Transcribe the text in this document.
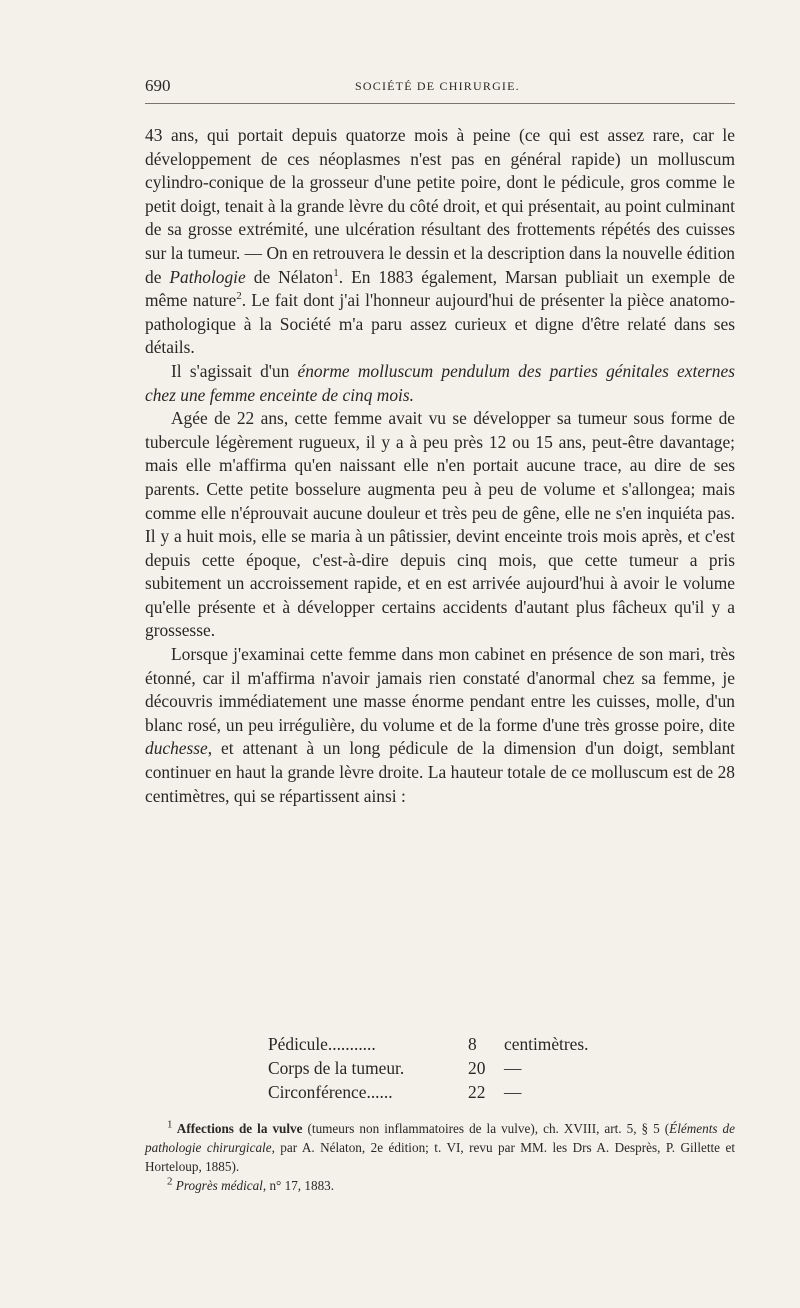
690	SOCIÉTÉ DE CHIRURGIE.

43 ans, qui portait depuis quatorze mois à peine (ce qui est assez rare, car le développement de ces néoplasmes n'est pas en général rapide) un molluscum cylindro-conique de la grosseur d'une petite poire, dont le pédicule, gros comme le petit doigt, tenait à la grande lèvre du côté droit, et qui présentait, au point culminant de sa grosse extrémité, une ulcération résultant des frottements répétés des cuisses sur la tumeur. — On en retrouvera le dessin et la description dans la nouvelle édition de Pathologie de Nélaton$^1$. En 1883 également, Marsan publiait un exemple de même nature$^2$. Le fait dont j'ai l'honneur aujourd'hui de présenter la pièce anatomo-pathologique à la Société m'a paru assez curieux et digne d'être relaté dans ses détails.

Il s'agissait d'un énorme molluscum pendulum des parties génitales externes chez une femme enceinte de cinq mois.

Agée de 22 ans, cette femme avait vu se développer sa tumeur sous forme de tubercule légèrement rugueux, il y a à peu près 12 ou 15 ans, peut-être davantage; mais elle m'affirma qu'en naissant elle n'en portait aucune trace, au dire de ses parents. Cette petite bosselure augmenta peu à peu de volume et s'allongea; mais comme elle n'éprouvait aucune douleur et très peu de gêne, elle ne s'en inquiéta pas. Il y a huit mois, elle se maria à un pâtissier, devint enceinte trois mois après, et c'est depuis cette époque, c'est-à-dire depuis cinq mois, que cette tumeur a pris subitement un accroissement rapide, et en est arrivée aujourd'hui à avoir le volume qu'elle présente et à développer certains accidents d'autant plus fâcheux qu'il y a grossesse.

Lorsque j'examinai cette femme dans mon cabinet en présence de son mari, très étonné, car il m'affirma n'avoir jamais rien constaté d'anormal chez sa femme, je découvris immédiatement une masse énorme pendant entre les cuisses, molle, d'un blanc rosé, un peu irrégulière, du volume et de la forme d'une très grosse poire, dite duchesse, et attenant à un long pédicule de la dimension d'un doigt, semblant continuer en haut la grande lèvre droite. La hauteur totale de ce molluscum est de 28 centimètres, qui se répartissent ainsi :

Pédicule...........	8	centimètres.
Corps de la tumeur.	20	—
Circonférence......	22	—

$^1$ Affections de la vulve (tumeurs non inflammatoires de la vulve), ch. XVIII, art. 5, § 5 (Éléments de pathologie chirurgicale, par A. Nélaton, 2e édition; t. VI, revu par MM. les Drs A. Desprès, P. Gillette et Horteloup, 1885).

$^2$ Progrès médical, n° 17, 1883.
